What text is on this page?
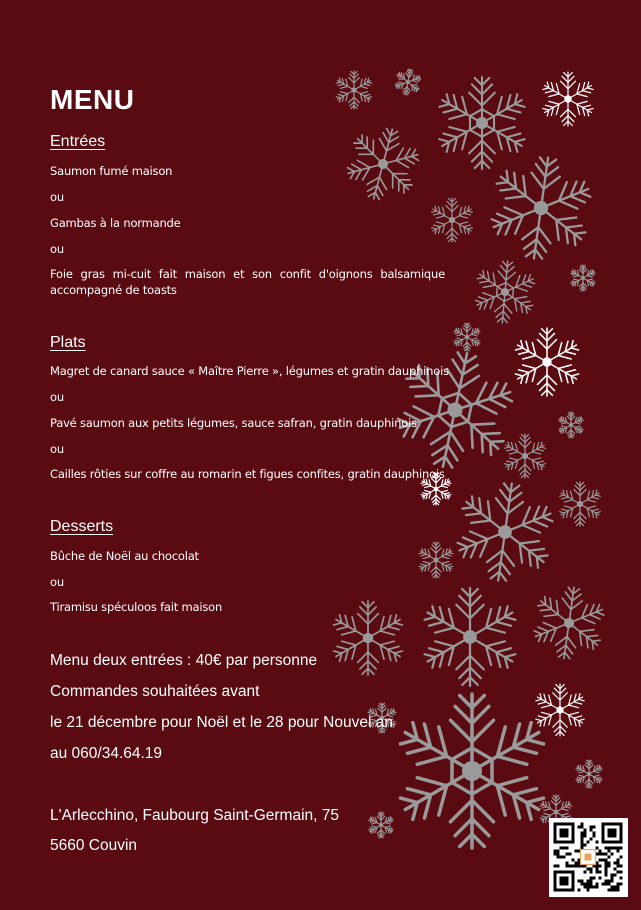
MENU
Entrées
Saumon fumé maison
ou
Gambas à la normande
ou
Foie gras mi-cuit fait maison et son confit d'oignons balsamique accompagné de toasts
Plats
Magret de canard sauce « Maître Pierre », légumes et gratin dauphinois
ou
Pavé saumon aux petits légumes, sauce safran, gratin dauphinois
ou
Cailles rôties sur coffre au romarin et figues confites, gratin dauphinois
Desserts
Bûche de Noël au chocolat
ou
Tiramisu spéculoos fait maison
Menu deux entrées : 40€ par personne
Commandes souhaitées avant
le 21 décembre pour Noël et le 28 pour Nouvel an
au 060/34.64.19
L'Arlecchino, Faubourg Saint-Germain, 75
5660 Couvin
